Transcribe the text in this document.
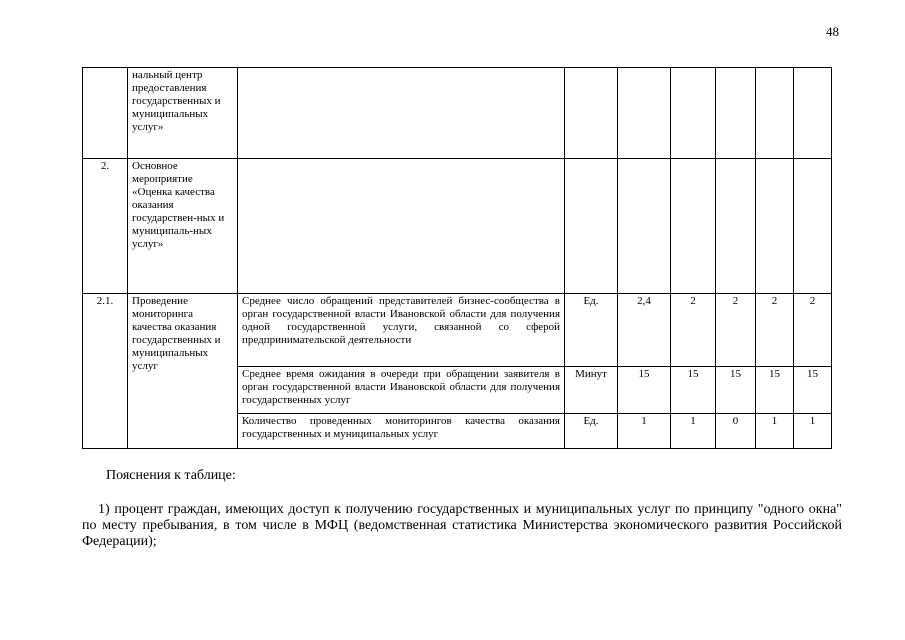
48
	нальный центр предоставления государственных и муниципальных услуг»							
2.	Основное мероприятие «Оценка качества оказания государствен-ных и муниципаль-ных услуг»							
2.1.	Проведение мониторинга качества оказания государственных и муниципальных услуг	Среднее число обращений представителей бизнес-сообщества в орган государственной власти Ивановской области для получения одной государственной услуги, связанной со сферой предпринимательской деятельности	Ед.	2,4	2	2	2	2
		Среднее время ожидания в очереди при обращении заявителя в орган государственной власти Ивановской области для получения государственных услуг	Минут	15	15	15	15	15
		Количество проведенных мониторингов качества оказания государственных и муниципальных услуг	Ед.	1	1	0	1	1
Пояснения к таблице:
1) процент граждан, имеющих доступ к получению государственных и муниципальных услуг по принципу "одного окна" по месту пребывания, в том числе в МФЦ (ведомственная статистика Министерства экономического развития Российской Федерации);
